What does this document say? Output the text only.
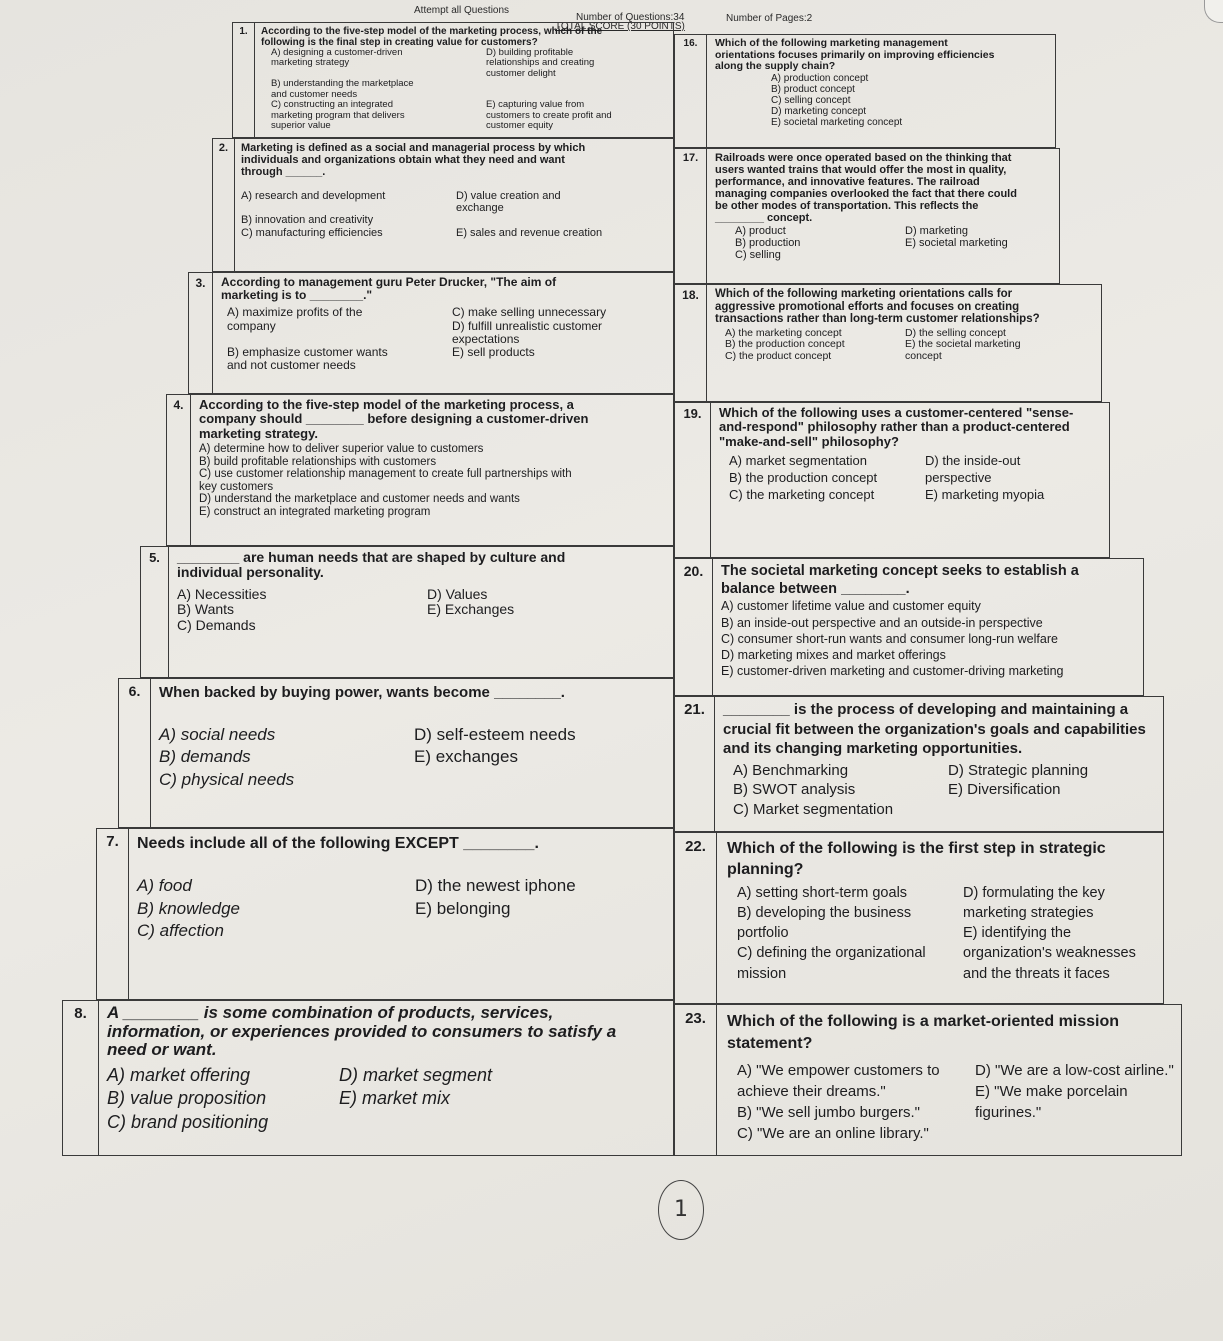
Attempt all Questions
Number of Questions:34
TOTAL SCORE (30 POINTS)
Number of Pages:2
1.	According to the five-step model of the marketing process, which of the
following is the final step in creating value for customers?
A) designing a customer-driven
marketing strategy
D) building profitable
relationships and creating
customer delight
B) understanding the marketplace
and customer needs
C) constructing an integrated
marketing program that delivers
superior value
E) capturing value from
customers to create profit and
customer equity
2.	Marketing is defined as a social and managerial process by which
individuals and organizations obtain what they need and want
through ______.
A) research and development	D) value creation and
exchange
B) innovation and creativity
C) manufacturing efficiencies	E) sales and revenue creation
3.	According to management guru Peter Drucker, "The aim of
marketing is to ________."
A) maximize profits of the
company
C) make selling unnecessary
D) fulfill unrealistic customer
expectations
B) emphasize customer wants
and not customer needs
E) sell products
4.	According to the five-step model of the marketing process, a
company should ________ before designing a customer-driven
marketing strategy.
A) determine how to deliver superior value to customers
B) build profitable relationships with customers
C) use customer relationship management to create full partnerships with
key customers
D) understand the marketplace and customer needs and wants
E) construct an integrated marketing program
5.	________ are human needs that are shaped by culture and
individual personality.
A) Necessities
B) Wants
C) Demands
D) Values
E) Exchanges
6.	When backed by buying power, wants become ________.
A) social needs
B) demands
C) physical needs
D) self-esteem needs
E) exchanges
7.	Needs include all of the following EXCEPT ________.
A) food
B) knowledge
C) affection
D) the newest iphone
E) belonging
8.	A ________ is some combination of products, services,
information, or experiences provided to consumers to satisfy a
need or want.
A) market offering
B) value proposition
C) brand positioning
D) market segment
E) market mix
16.	Which of the following marketing management
orientations focuses primarily on improving efficiencies
along the supply chain?
A) production concept
B) product concept
C) selling concept
D) marketing concept
E) societal marketing concept
17.	Railroads were once operated based on the thinking that
users wanted trains that would offer the most in quality,
performance, and innovative features. The railroad
managing companies overlooked the fact that there could
be other modes of transportation. This reflects the
________ concept.
A) product
B) production
C) selling
D) marketing
E) societal marketing
18.	Which of the following marketing orientations calls for
aggressive promotional efforts and focuses on creating
transactions rather than long-term customer relationships?
A) the marketing concept
B) the production concept
C) the product concept
D) the selling concept
E) the societal marketing
concept
19.	Which of the following uses a customer-centered "sense-
and-respond" philosophy rather than a product-centered
"make-and-sell" philosophy?
A) market segmentation
B) the production concept
C) the marketing concept
D) the inside-out
perspective
E) marketing myopia
20.	The societal marketing concept seeks to establish a
balance between ________.
A) customer lifetime value and customer equity
B) an inside-out perspective and an outside-in perspective
C) consumer short-run wants and consumer long-run welfare
D) marketing mixes and market offerings
E) customer-driven marketing and customer-driving marketing
21.	________ is the process of developing and maintaining a
crucial fit between the organization's goals and capabilities
and its changing marketing opportunities.
A) Benchmarking
B) SWOT analysis
C) Market segmentation
D) Strategic planning
E) Diversification
22.	Which of the following is the first step in strategic
planning?
A) setting short-term goals
B) developing the business
portfolio
C) defining the organizational
mission
D) formulating the key
marketing strategies
E) identifying the
organization's weaknesses
and the threats it faces
23.	Which of the following is a market-oriented mission
statement?
A) "We empower customers to
achieve their dreams."
B) "We sell jumbo burgers."
C) "We are an online library."
D) "We are a low-cost airline."
E) "We make porcelain
figurines."
1
